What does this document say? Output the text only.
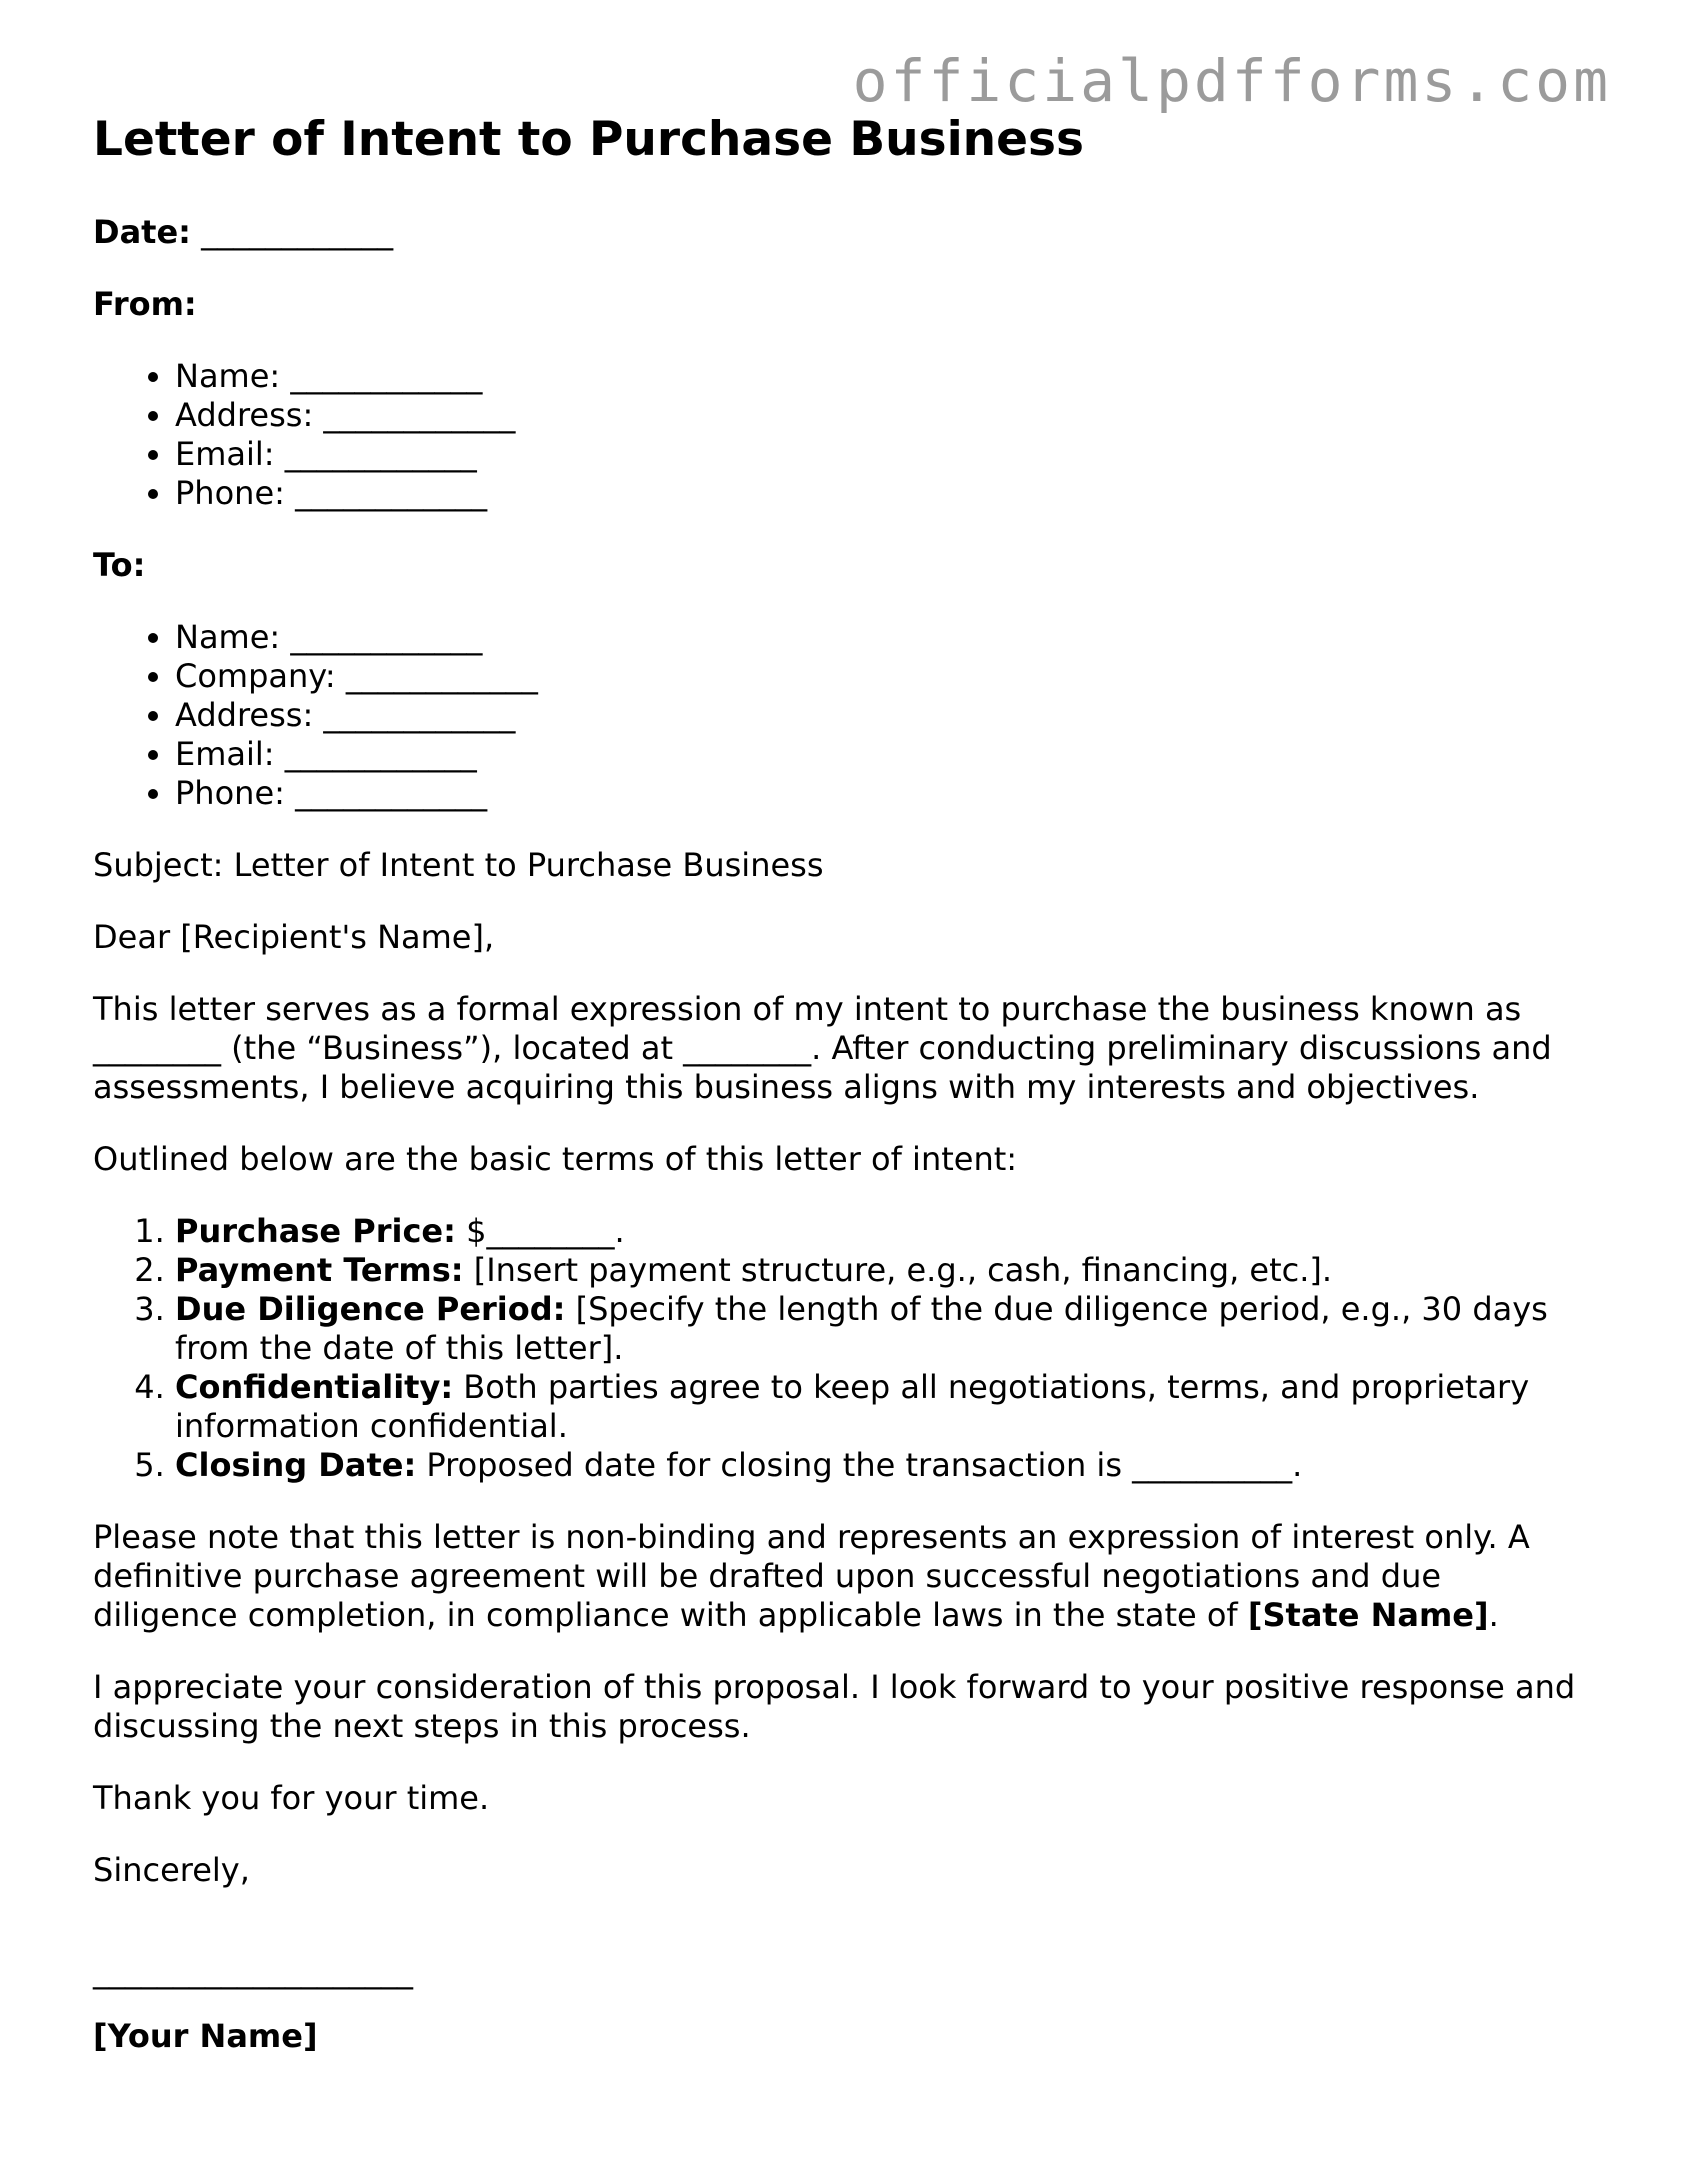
officialpdfforms.com
Letter of Intent to Purchase Business

Date: ____________

From:

• Name: ____________
• Address: ____________
• Email: ____________
• Phone: ____________

To:

• Name: ____________
• Company: ____________
• Address: ____________
• Email: ____________
• Phone: ____________

Subject: Letter of Intent to Purchase Business

Dear [Recipient's Name],

This letter serves as a formal expression of my intent to purchase the business known as ________ (the “Business”), located at ________. After conducting preliminary discussions and assessments, I believe acquiring this business aligns with my interests and objectives.

Outlined below are the basic terms of this letter of intent:

1. Purchase Price: $________.
2. Payment Terms: [Insert payment structure, e.g., cash, financing, etc.].
3. Due Diligence Period: [Specify the length of the due diligence period, e.g., 30 days from the date of this letter].
4. Confidentiality: Both parties agree to keep all negotiations, terms, and proprietary information confidential.
5. Closing Date: Proposed date for closing the transaction is __________.

Please note that this letter is non-binding and represents an expression of interest only. A definitive purchase agreement will be drafted upon successful negotiations and due diligence completion, in compliance with applicable laws in the state of [State Name].

I appreciate your consideration of this proposal. I look forward to your positive response and discussing the next steps in this process.

Thank you for your time.

Sincerely,

____________________

[Your Name]
